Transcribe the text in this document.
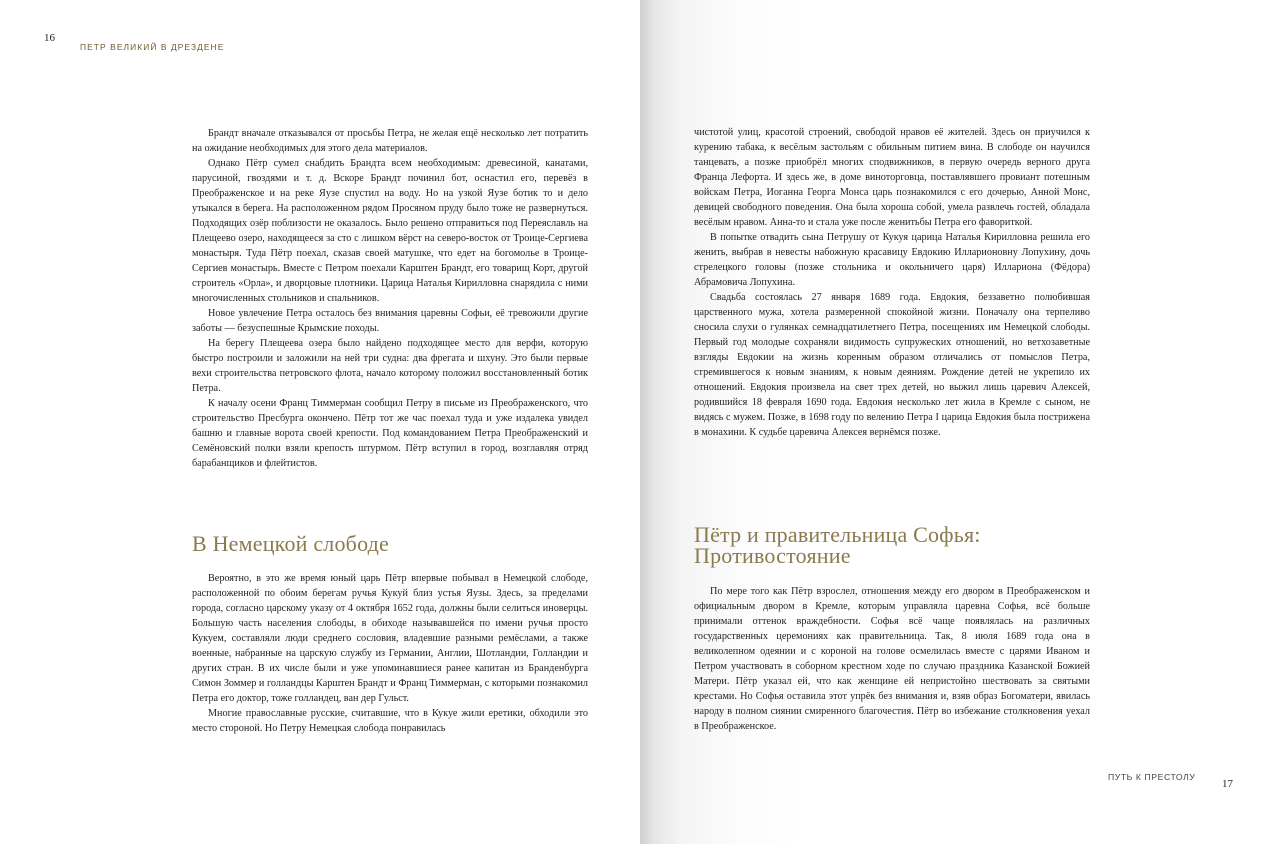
16
ПЕТР ВЕЛИКИЙ В ДРЕЗДЕНЕ

Брандт вначале отказывался от просьбы Петра, не желая ещё несколько лет потратить на ожидание необходимых для этого дела материалов.

Однако Пётр сумел снабдить Брандта всем необходимым: древесиной, канатами, парусиной, гвоздями и т. д. Вскоре Брандт починил бот, оснастил его, перевёз в Преображенское и на реке Яузе спустил на воду. Но на узкой Яузе ботик то и дело утыкался в берега. На расположенном рядом Просяном пруду было тоже не развернуться. Подходящих озёр поблизости не оказалось. Было решено отправиться под Переяславль на Плещеево озеро, находящееся за сто с лишком вёрст на северо-восток от Троице-Сергиева монастыря. Туда Пётр поехал, сказав своей матушке, что едет на богомолье в Троице-Сергиев монастырь. Вместе с Петром поехали Карштен Брандт, его товарищ Корт, другой строитель «Орла», и дворцовые плотники. Царица Наталья Кирилловна снарядила с ними многочисленных стольников и спальников.

Новое увлечение Петра осталось без внимания царевны Софьи, её тревожили другие заботы — безуспешные Крымские походы.

На берегу Плещеева озера было найдено подходящее место для верфи, которую быстро построили и заложили на ней три судна: два фрегата и шхуну. Это были первые вехи строительства петровского флота, начало которому положил восстановленный ботик Петра.

К началу осени Франц Тиммерман сообщил Петру в письме из Преображенского, что строительство Пресбурга окончено. Пётр тот же час поехал туда и уже издалека увидел башню и главные ворота своей крепости. Под командованием Петра Преображенский и Семёновский полки взяли крепость штурмом. Пётр вступил в город, возглавляя отряд барабанщиков и флейтистов.

В Немецкой слободе

Вероятно, в это же время юный царь Пётр впервые побывал в Немецкой слободе, расположенной по обоим берегам ручья Кукуй близ устья Яузы. Здесь, за пределами города, согласно царскому указу от 4 октября 1652 года, должны были селиться иноверцы. Большую часть населения слободы, в обиходе называвшейся по имени ручья просто Кукуем, составляли люди среднего сословия, владевшие разными ремёслами, а также военные, набранные на царскую службу из Германии, Англии, Шотландии, Голландии и других стран. В их числе были и уже упоминавшиеся ранее капитан из Бранденбурга Симон Зоммер и голландцы Карштен Брандт и Франц Тиммерман, с которыми познакомил Петра его доктор, тоже голландец, ван дер Гульст.

Многие православные русские, считавшие, что в Кукуе жили еретики, обходили это место стороной. Но Петру Немецкая слобода понравилась

чистотой улиц, красотой строений, свободой нравов её жителей. Здесь он приучился к курению табака, к весёлым застольям с обильным питием вина. В слободе он научился танцевать, а позже приобрёл многих сподвижников, в первую очередь верного друга Франца Лефорта. И здесь же, в доме виноторговца, поставлявшего провиант потешным войскам Петра, Иоганна Георга Монса царь познакомился с его дочерью, Анной Монс, девицей свободного поведения. Она была хороша собой, умела развлечь гостей, обладала весёлым нравом. Анна-то и стала уже после женитьбы Петра его фавориткой.

В попытке отвадить сына Петрушу от Кукуя царица Наталья Кирилловна решила его женить, выбрав в невесты набожную красавицу Евдокию Илларионовну Лопухину, дочь стрелецкого головы (позже стольника и окольничего царя) Иллариона (Фёдора) Абрамовича Лопухина.

Свадьба состоялась 27 января 1689 года. Евдокия, беззаветно полюбившая царственного мужа, хотела размеренной спокойной жизни. Поначалу она терпеливо сносила слухи о гулянках семнадцатилетнего Петра, посещениях им Немецкой слободы. Первый год молодые сохраняли видимость супружеских отношений, но ветхозаветные взгляды Евдокии на жизнь коренным образом отличались от помыслов Петра, стремившегося к новым знаниям, к новым деяниям. Рождение детей не укрепило их отношений. Евдокия произвела на свет трех детей, но выжил лишь царевич Алексей, родившийся 18 февраля 1690 года. Евдокия несколько лет жила в Кремле с сыном, не видясь с мужем. Позже, в 1698 году по велению Петра I царица Евдокия была пострижена в монахини. К судьбе царевича Алексея вернёмся позже.

Пётр и правительница Софья:
Противостояние

По мере того как Пётр взрослел, отношения между его двором в Преображенском и официальным двором в Кремле, которым управляла царевна Софья, всё больше принимали оттенок враждебности. Софья всё чаще появлялась на различных государственных церемониях как правительница. Так, 8 июля 1689 года она в великолепном одеянии и с короной на голове осмелилась вместе с царями Иваном и Петром участвовать в соборном крестном ходе по случаю праздника Казанской Божией Матери. Пётр указал ей, что как женщине ей непристойно шествовать за святыми крестами. Но Софья оставила этот упрёк без внимания и, взяв образ Богоматери, явилась народу в полном сиянии смиренного благочестия. Пётр во избежание столкновения уехал в Преображенское.

ПУТЬ К ПРЕСТОЛУ
17
